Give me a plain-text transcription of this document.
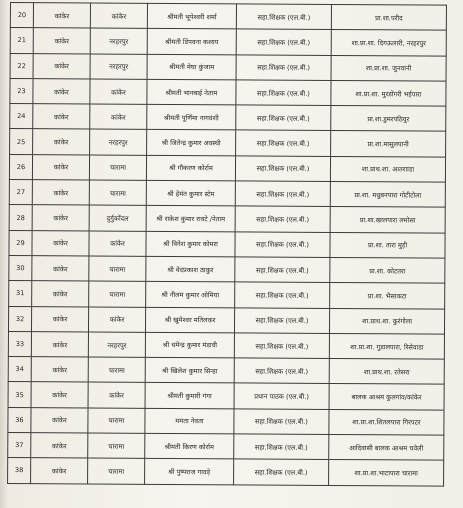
20	कांकेर	कांकेर	श्रीमती भूपेश्वरी शर्मा	सहा.शिक्षक (एल.बी.)	प्रा.शा.परीद
21	कांकेर	नरहरपुर	श्रीमती डिंपवना कश्यप	सहा.शिक्षक (एल.बी.)	शा.प्रा.शा. दिगऊलारी, नरहरपुर
22	कांकेर	नरहरपुर	श्रीमती मेघा कुंजाम	सहा.शिक्षक (एल.बी.)	शा.प्रा.शा. जुनवानी
23	कांकेर	कांकेर	श्रीमती भानबाई नेताम	सहा.शिक्षक (एल.बी.)	शा.प्रा.शा. मुरडोंगरी भईपारा
24	कांकेर	कांकेर	श्रीमती पूर्णिमा नागवंशी	सहा.शिक्षक (एल.बी.)	प्रा.शा.डुमरपठियुर
25	कांकेर	नरहरपुर	श्री जितेन्द्र कुमार अवस्थी	सहा.शिक्षक (एल.बी.)	प्रा.शा.मासुलपानी
26	कांकेर	चारामा	श्री गौकरण कोर्राम	सहा.शिक्षक (एल.बी.)	शा.प्राथ.शा. आतरााडा
27	कांकेर	चारामा	श्री हेमंत कुमार स्टेम	सहा.शिक्षक (एल.बी.)	प्रा.शा. मधुबनपारा गोटीटोला
28	कांकेर	दुर्गुकोंदल	श्री राकेश कुमार रावटे /नेताम	सहा.शिक्षक (एल.बी.)	प्रा.शा.खालपारा लमोसा
29	कांकेर	कांकेर	श्री विनेश कुमार कोमरा	सहा.शिक्षक (एल.बी.)	प्रा.शा. तारा मुड़ी
30	कांकेर	चारामा	श्री वेदप्रकाश ठाकुर	सहा.शिक्षक (एल.बी.)	प्रा.शा. कोटतरा
31	कांकेर	चारामा	श्री नीलम कुमार ओमिया	सहा.शिक्षक (एल.बी.)	प्रा.शा. भैसाकटा
32	कांकेर	कांकेर	श्री खुमेश्वर मतिलकर	सहा.शिक्षक (एल.बी.)	शा.प्राथ.शा. कुरंगोला
33	कांकेर	नरहरपुर	श्री धमेन्द्र कुमार मंडावी	सहा.शिक्षक (एल.बी.)	शा.प्रा.शा. गुडालपारा, रिसेवाडा
34	कांकेर	चारामा	श्री खिलेश कुमार सिन्हा	सहा.शिक्षक (एल.बी.)	शा.प्राथ.शा. रतेसरा
35	कांकेर	कांकेर	श्रीमती कुमारी गंगा	प्रधान पाठक (एल.बी.)	बालक आश्रम कुलगांव/कांकेर
36	कांकेर	चारामा	ममता नेवता	सहा.शिक्षक (एल.बी.)	शा.प्रा.शा.शितलपारा गिरपटर
37	कांकेर	चारामा	श्रीमती किरण कोर्राम	सहा.शिक्षक (एल.बी.)	आदिवासी बालक आश्रम चवेली
38	कांकेर	चारामा	श्री पुष्पराज गावड़े	सहा.शिक्षक (एल.बी.)	शा.प्रा.शा.भाटापारा चारामा
